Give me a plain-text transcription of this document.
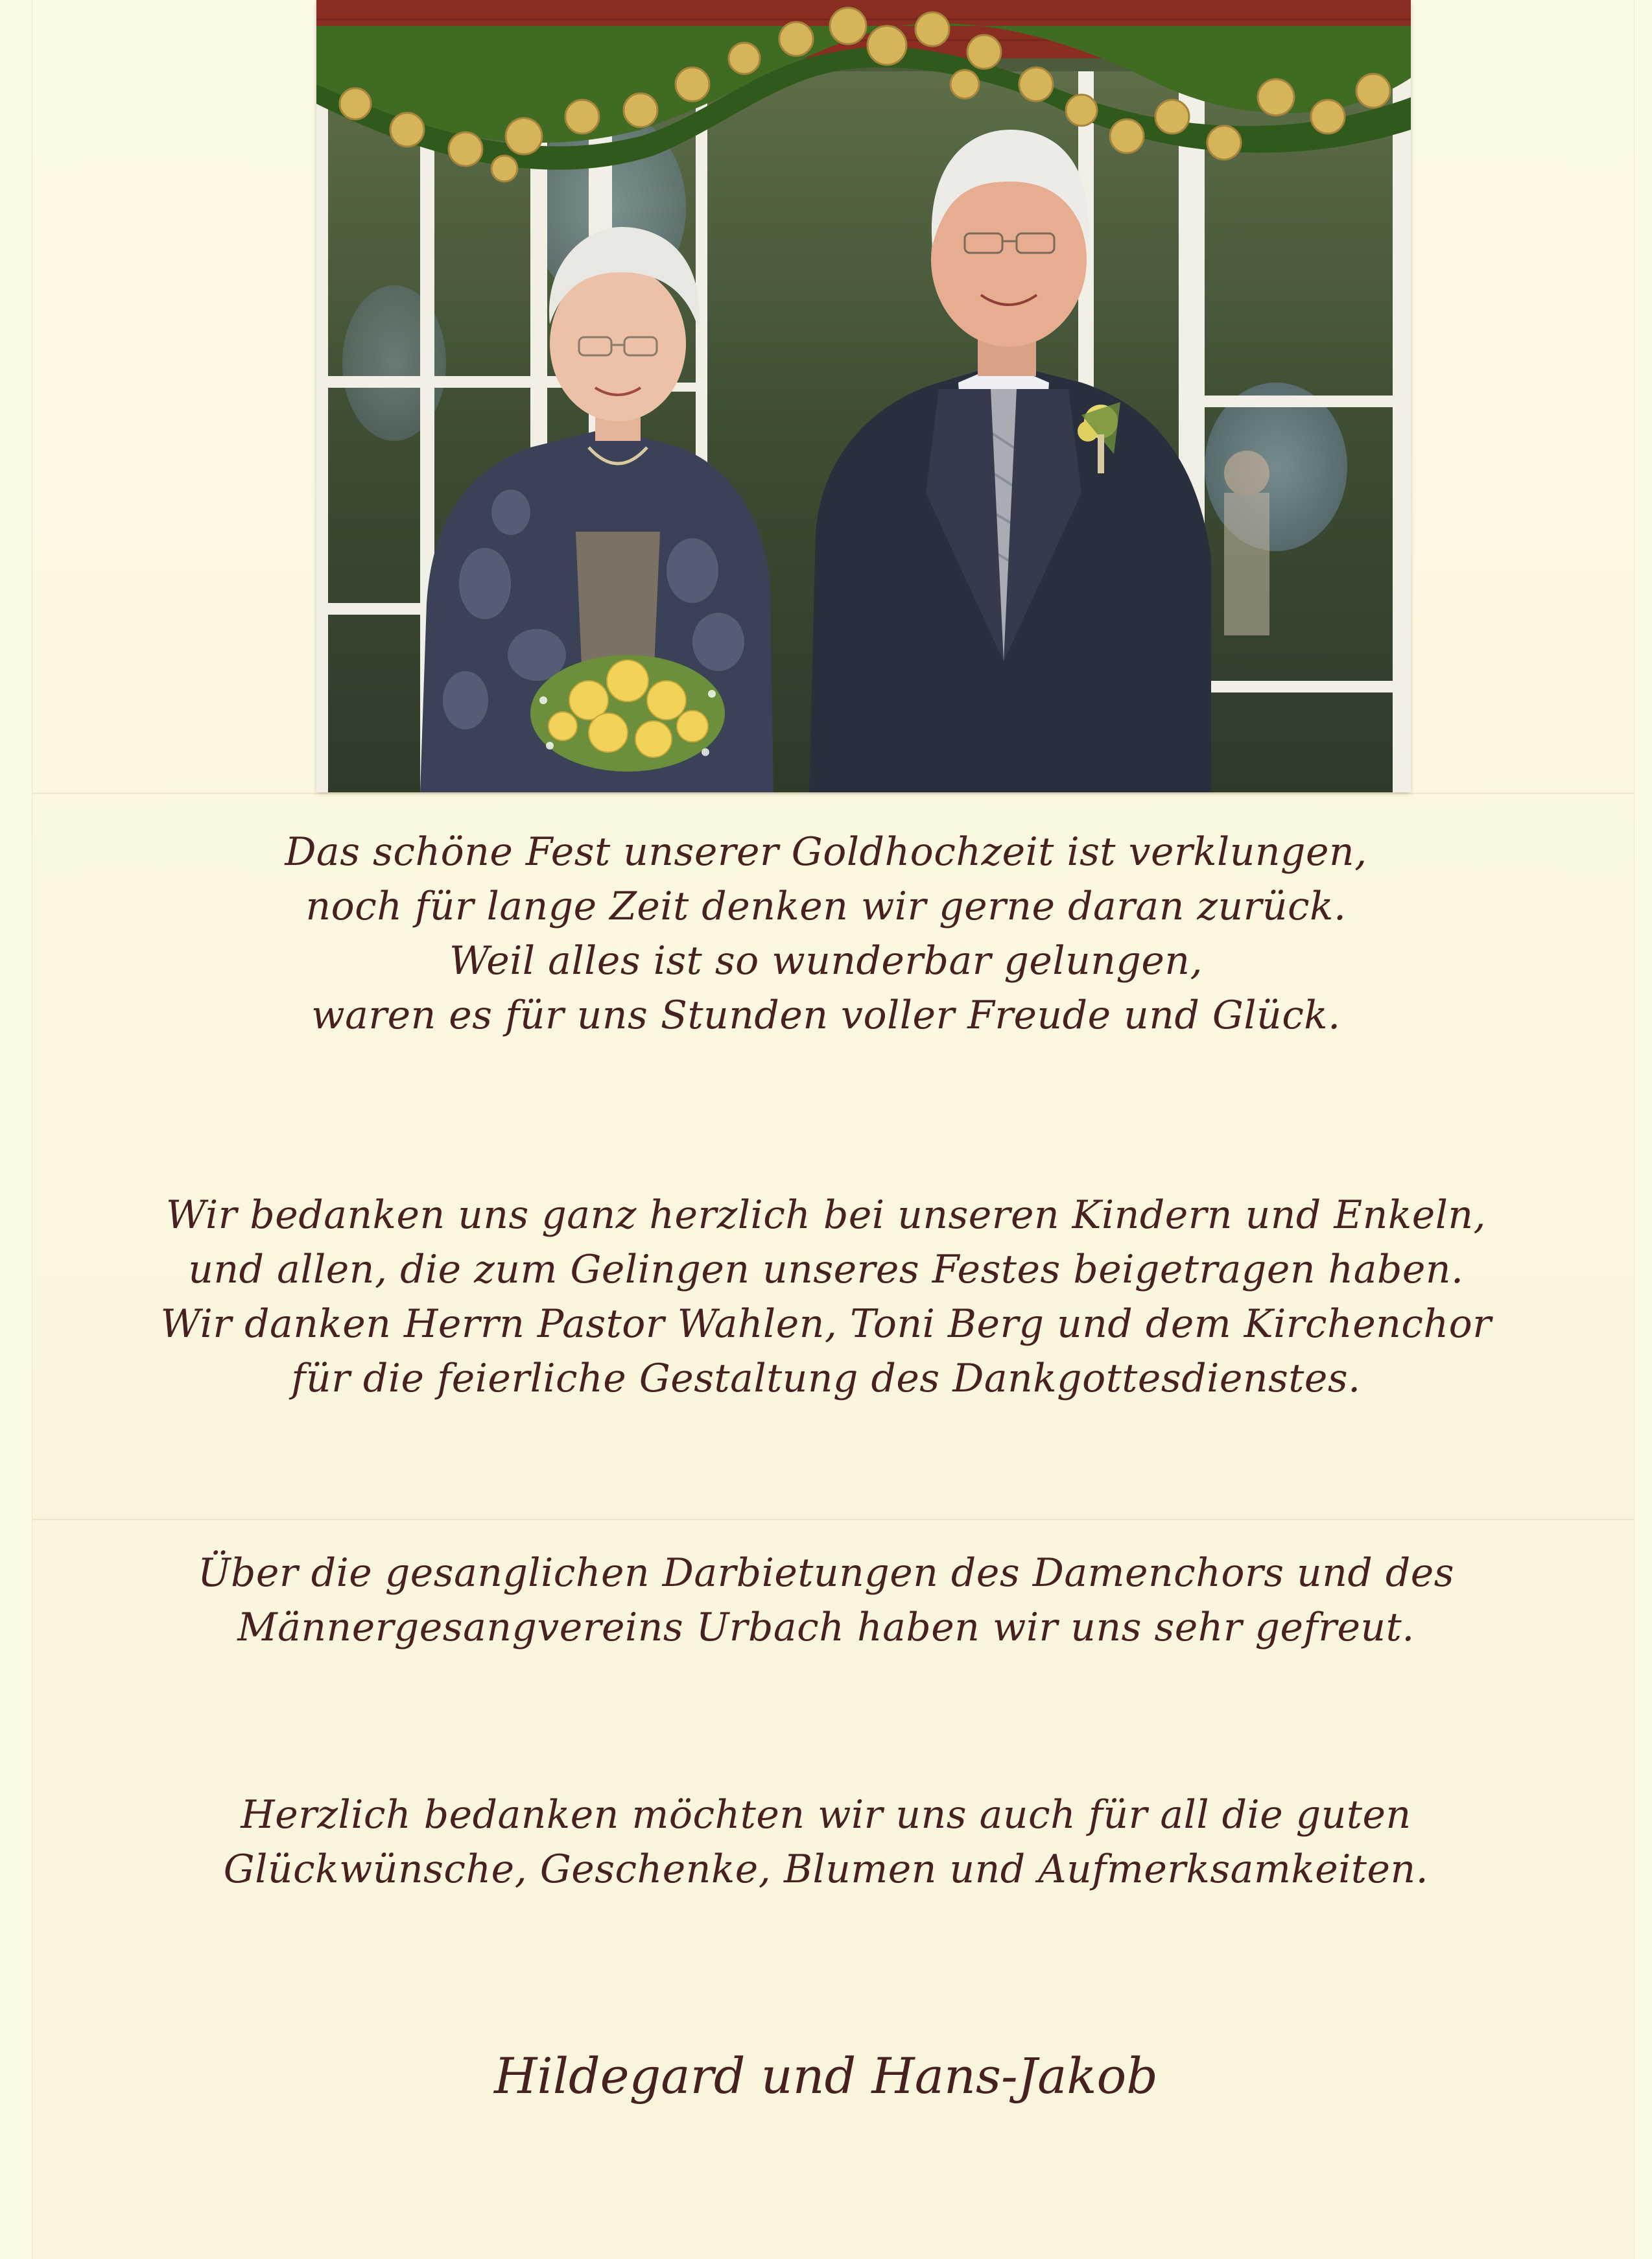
Das schöne Fest unserer Goldhochzeit ist verklungen,
noch für lange Zeit denken wir gerne daran zurück.
Weil alles ist so wunderbar gelungen,
waren es für uns Stunden voller Freude und Glück.
Wir bedanken uns ganz herzlich bei unseren Kindern und Enkeln,
und allen, die zum Gelingen unseres Festes beigetragen haben.
Wir danken Herrn Pastor Wahlen, Toni Berg und dem Kirchenchor
für die feierliche Gestaltung des Dankgottesdienstes.
Über die gesanglichen Darbietungen des Damenchors und des
Männergesangvereins Urbach haben wir uns sehr gefreut.
Herzlich bedanken möchten wir uns auch für all die guten
Glückwünsche, Geschenke, Blumen und Aufmerksamkeiten.
Hildegard und Hans-Jakob
